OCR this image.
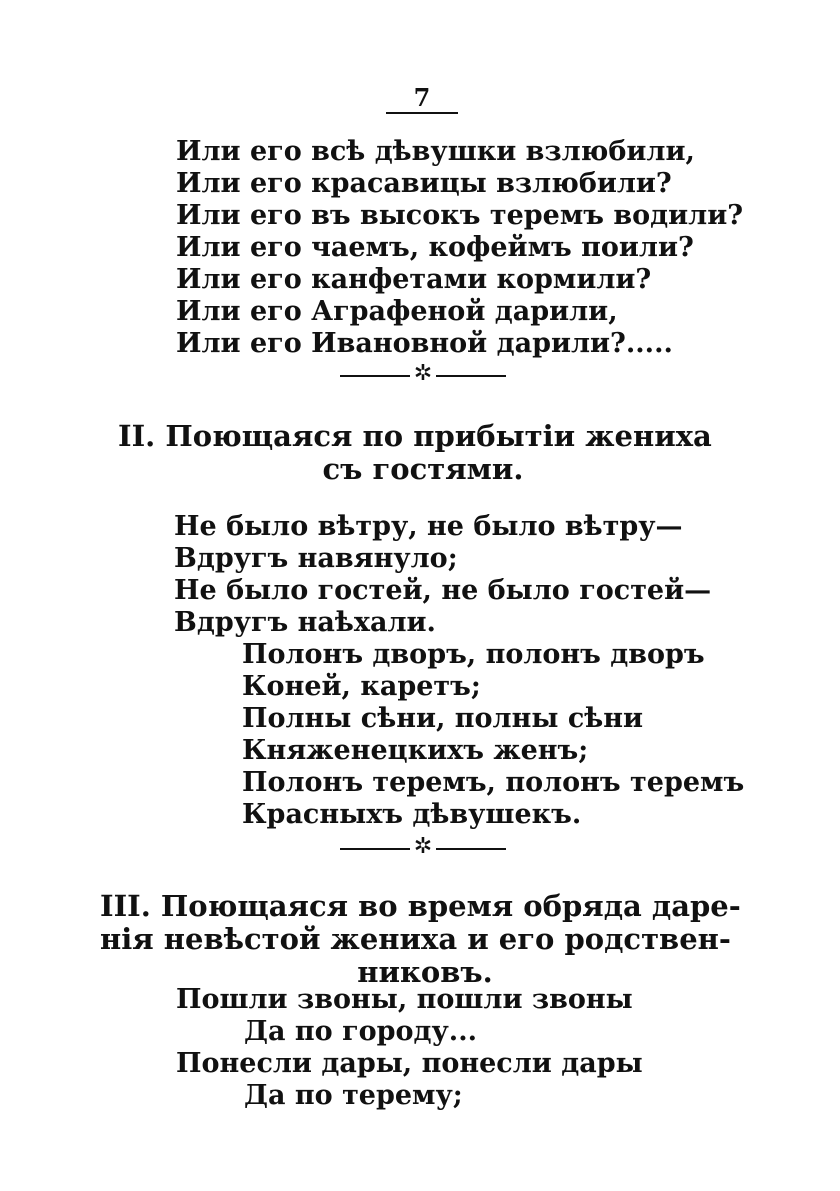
7
Или его всѣ дѣвушки взлюбили,
Или его красавицы взлюбили?
Или его въ высокъ теремъ водили?
Или его чаемъ, кофеймъ поили?
Или его канфетами кормили?
Или его Аграфеной дарили,
Или его Ивановной дарили?.....
✲
II. Поющаяся по прибытіи жениха
съ гостями.
Не было вѣтру, не было вѣтру—
Вдругъ навянуло;
Не было гостей, не было гостей—
Вдругъ наѣхали.
Полонъ дворъ, полонъ дворъ
Коней, каретъ;
Полны сѣни, полны сѣни
Княженецкихъ женъ;
Полонъ теремъ, полонъ теремъ
Красныхъ дѣвушекъ.
✲
III. Поющаяся во время обряда даре-
нія невѣстой жениха и его родствен-
никовъ.
Пошли звоны, пошли звоны
Да по городу...
Понесли дары, понесли дары
Да по терему;
